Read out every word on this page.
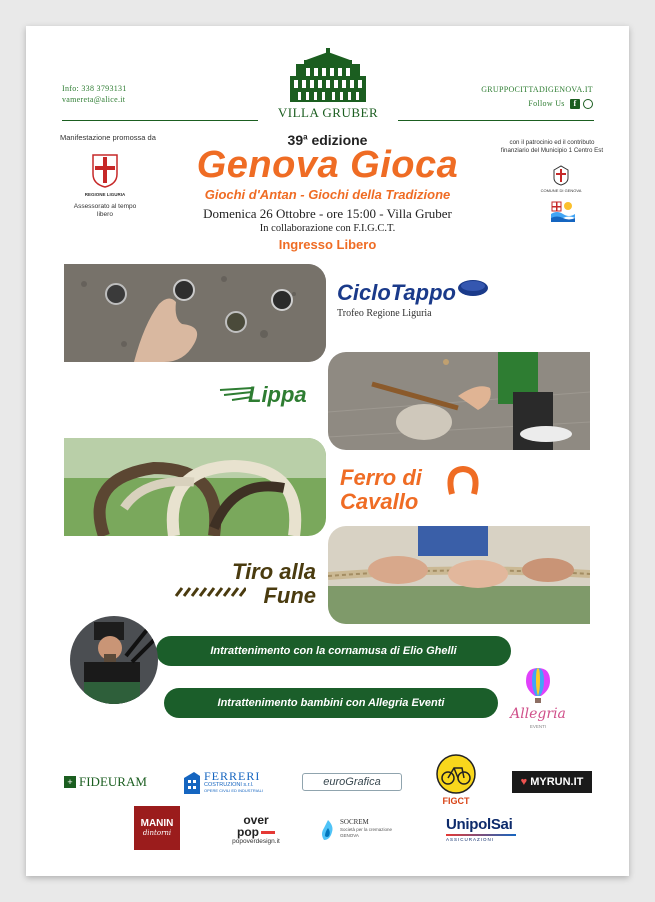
Info: 338 3793131
vamereta@alice.it
GRUPPOCITTADIGENOVA.IT
Follow Us	f
VILLA GRUBER
Manifestazione promossa da
REGIONE LIGURIA
Assessorato al tempo libero
con il patrocinio ed il contributo finanziario del Municipio 1 Centro Est
COMUNE DI GENOVA
39$^a$ edizione
Genova Gioca
Giochi d'Antan - Giochi della Tradizione
Domenica 26 Ottobre - ore 15:00 - Villa Gruber
In collaborazione con F.I.G.C.T.
Ingresso Libero
CicloTappo
Trofeo Regione Liguria
Lippa
Ferro di
Cavallo
Tiro alla
Fune
Intrattenimento con la cornamusa di Elio Ghelli
Intrattenimento bambini con Allegria Eventi
Allegria
EVENTI
+ FIDEURAM	FERRERI
COSTRUZIONI s.r.l.
OPERE CIVILI ED INDUSTRIALI
euroGrafica
FIGCT
♥ MYRUN.IT
MANIN
dintorni
over
pop
popoverdesign.it
SOCREM
Società per la cremazione
GENOVA
UnipolSai
ASSICURAZIONI
